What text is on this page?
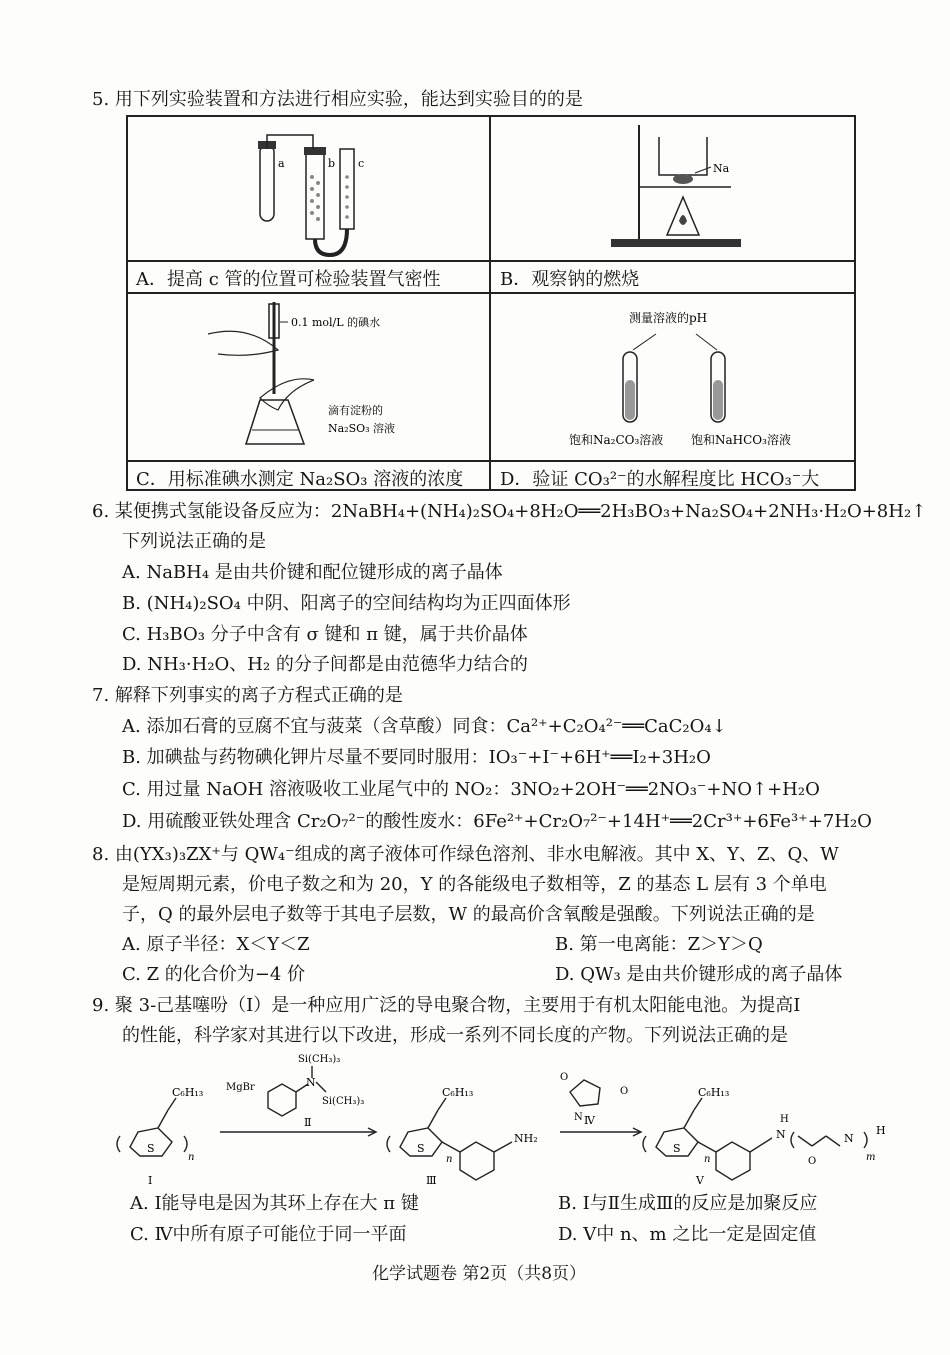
5. 用下列实验装置和方法进行相应实验，能达到实验目的的是
a	b c
A．提高 c 管的位置可检验装置气密性
Na
B．观察钠的燃烧
0.1 mol/L 的碘水
滴有淀粉的
Na₂SO₃ 溶液
C．用标准碘水测定 Na₂SO₃ 溶液的浓度
测量溶液的pH
饱和Na₂CO₃溶液 饱和NaHCO₃溶液
D．验证 CO₃²⁻的水解程度比 HCO₃⁻大
6. 某便携式氢能设备反应为：2NaBH₄+(NH₄)₂SO₄+8H₂O══2H₃BO₃+Na₂SO₄+2NH₃·H₂O+8H₂↑
下列说法正确的是
A. NaBH₄ 是由共价键和配位键形成的离子晶体
B. (NH₄)₂SO₄ 中阴、阳离子的空间结构均为正四面体形
C. H₃BO₃ 分子中含有 σ 键和 π 键，属于共价晶体
D. NH₃·H₂O、H₂ 的分子间都是由范德华力结合的
7. 解释下列事实的离子方程式正确的是
A. 添加石膏的豆腐不宜与菠菜（含草酸）同食：Ca²⁺+C₂O₄²⁻══CaC₂O₄↓
B. 加碘盐与药物碘化钾片尽量不要同时服用：IO₃⁻+I⁻+6H⁺══I₂+3H₂O
C. 用过量 NaOH 溶液吸收工业尾气中的 NO₂：3NO₂+2OH⁻══2NO₃⁻+NO↑+H₂O
D. 用硫酸亚铁处理含 Cr₂O₇²⁻的酸性废水：6Fe²⁺+Cr₂O₇²⁻+14H⁺══2Cr³⁺+6Fe³⁺+7H₂O
8. 由(YX₃)₃ZX⁺与 QW₄⁻组成的离子液体可作绿色溶剂、非水电解液。其中 X、Y、Z、Q、W
是短周期元素，价电子数之和为 20，Y 的各能级电子数相等，Z 的基态 L 层有 3 个单电
子，Q 的最外层电子数等于其电子层数，W 的最高价含氧酸是强酸。下列说法正确的是
A. 原子半径：X＜Y＜Z	B. 第一电离能：Z＞Y＞Q
C. Z 的化合价为−4 价	D. QW₃ 是由共价键形成的离子晶体
9. 聚 3-己基噻吩（Ⅰ）是一种应用广泛的导电聚合物，主要用于有机太阳能电池。为提高Ⅰ
的性能，科学家对其进行以下改进，形成一系列不同长度的产物。下列说法正确的是
C₆H₁₃
S
n
Ⅰ
MgBr	N
Si(CH₃)₃
Si(CH₃)₃
Ⅱ
C₆H₁₃
S
n
NH₂
Ⅲ
O
O
N Ⅳ
C₆H₁₃
S
n
H
N
O
N
m
H
Ⅴ
A. Ⅰ能导电是因为其环上存在大 π 键	B. Ⅰ与Ⅱ生成Ⅲ的反应是加聚反应
C. Ⅳ中所有原子可能位于同一平面	D. Ⅴ中 n、m 之比一定是固定值
化学试题卷 第2页（共8页）
